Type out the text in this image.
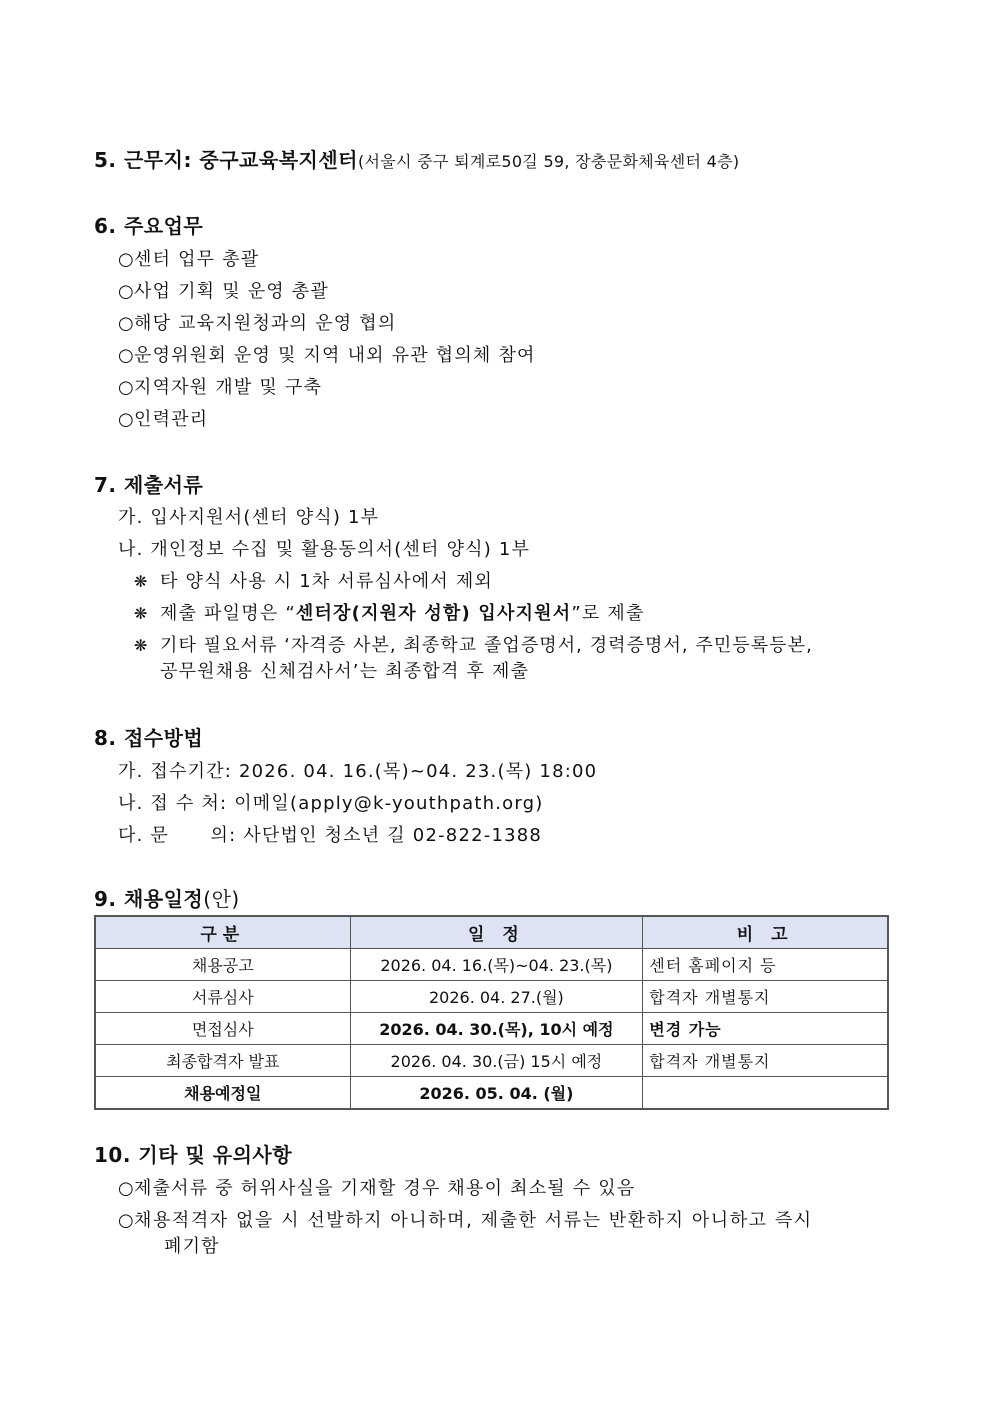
5. 근무지: 중구교육복지센터(서울시 중구 퇴계로50길 59, 장충문화체육센터 4층)
6. 주요업무
○센터 업무 총괄
○사업 기획 및 운영 총괄
○해당 교육지원청과의 운영 협의
○운영위원회 운영 및 지역 내외 유관 협의체 참여
○지역자원 개발 및 구축
○인력관리
7. 제출서류
가. 입사지원서(센터 양식) 1부
나. 개인정보 수집 및 활용동의서(센터 양식) 1부
❋ 타 양식 사용 시 1차 서류심사에서 제외
❋ 제출 파일명은 “센터장(지원자 성함) 입사지원서”로 제출
❋ 기타 필요서류 ‘자격증 사본, 최종학교 졸업증명서, 경력증명서, 주민등록등본,
공무원채용 신체검사서’는 최종합격 후 제출
8. 접수방법
가. 접수기간: 2026. 04. 16.(목)~04. 23.(목) 18:00
나. 접 수 처: 이메일(apply@k-youthpath.org)
다. 문      의: 사단법인 청소년 길 02-822-1388
9. 채용일정(안)
구분	일 정	비 고
채용공고	2026. 04. 16.(목)~04. 23.(목)	센터 홈페이지 등
서류심사	2026. 04. 27.(월)	합격자 개별통지
면접심사	2026. 04. 30.(목), 10시 예정	변경 가능
최종합격자 발표	2026. 04. 30.(금) 15시 예정	합격자 개별통지
채용예정일	2026. 05. 04. (월)	
10. 기타 및 유의사항
○제출서류 중 허위사실을 기재할 경우 채용이 최소될 수 있음
○채용적격자 없을 시 선발하지 아니하며, 제출한 서류는 반환하지 아니하고 즉시
폐기함
